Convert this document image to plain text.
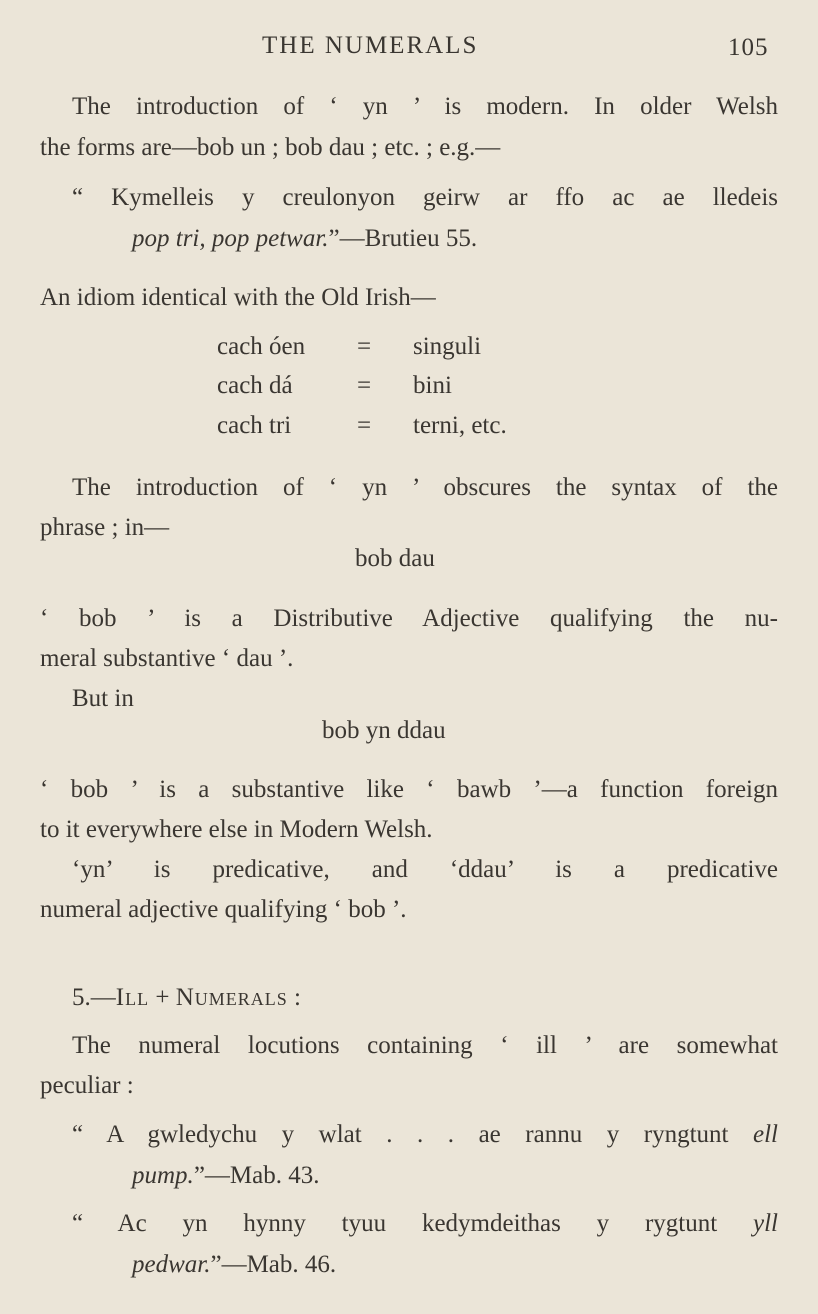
THE NUMERALS	105
The introduction of ‘ yn ’ is modern. In older Welsh
the forms are—bob un ; bob dau ; etc. ; e.g.—
“ Kymelleis y creulonyon geirw ar ffo ac ae lledeis
pop tri, pop petwar.”—Brutieu 55.
An idiom identical with the Old Irish—
cach óen = singuli
cach dá	= bini
cach tri	= terni, etc.
The introduction of ‘ yn ’ obscures the syntax of the
phrase ; in—
bob dau
‘ bob ’ is a Distributive Adjective qualifying the nu-
meral substantive ‘ dau ’.
But in
bob yn ddau
‘ bob ’ is a substantive like ‘ bawb ’—a function foreign
to it everywhere else in Modern Welsh.
‘yn’ is predicative, and ‘ddau’ is a predicative
numeral adjective qualifying ‘ bob ’.
5.—Ill + Numerals :
The numeral locutions containing ‘ ill ’ are somewhat
peculiar :
“ A gwledychu y wlat . . . ae rannu y ryngtunt ell
pump.”—Mab. 43.
“ Ac yn hynny tyuu kedymdeithas y rygtunt yll
pedwar.”—Mab. 46.
